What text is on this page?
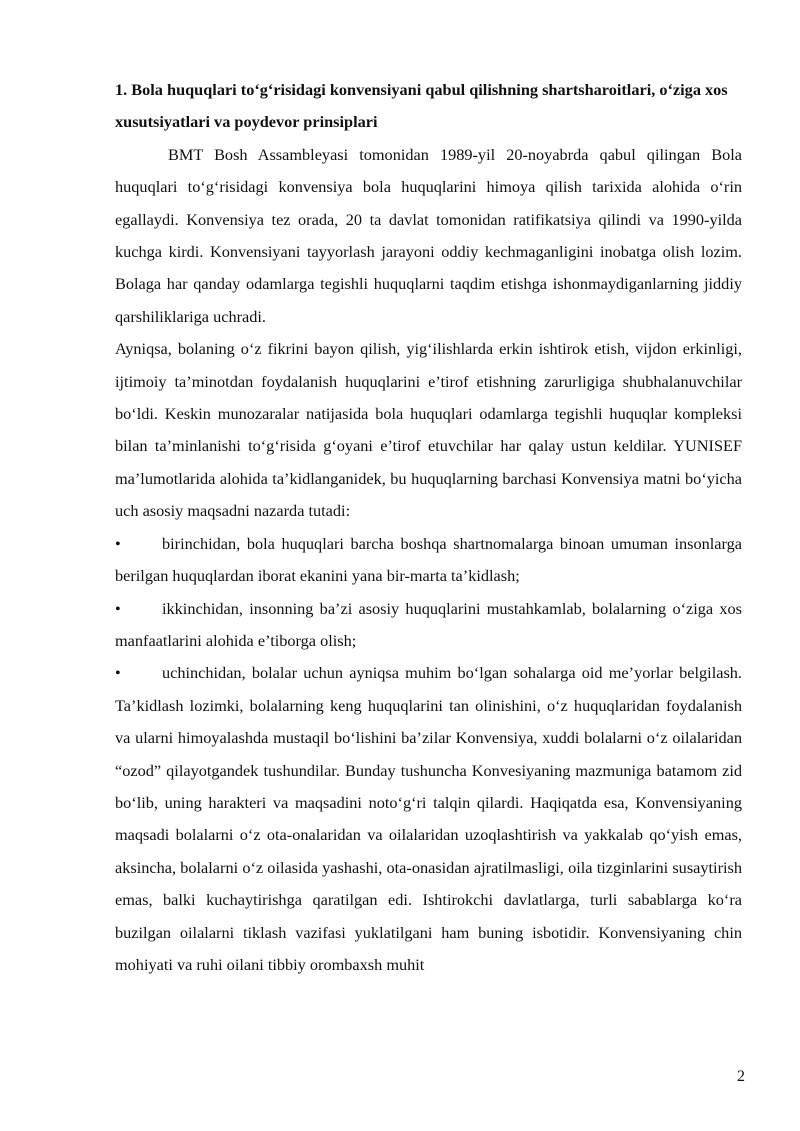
1. Bola huquqlari to‘g‘risidagi konvensiyani qabul qilishning shartsharoitlari, o‘ziga xos xusutsiyatlari va poydevor prinsiplari

BMT Bosh Assambleyasi tomonidan 1989-yil 20-noyabrda qabul qilingan Bola huquqlari to‘g‘risidagi konvensiya bola huquqlarini himoya qilish tarixida alohida o‘rin egallaydi. Konvensiya tez orada, 20 ta davlat tomonidan ratifikatsiya qilindi va 1990-yilda kuchga kirdi. Konvensiyani tayyorlash jarayoni oddiy kechmaganligini inobatga olish lozim. Bolaga har qanday odamlarga tegishli huquqlarni taqdim etishga ishonmaydiganlarning jiddiy qarshiliklariga uchradi.

Ayniqsa, bolaning o‘z fikrini bayon qilish, yig‘ilishlarda erkin ishtirok etish, vijdon erkinligi, ijtimoiy ta’minotdan foydalanish huquqlarini e’tirof etishning zarurligiga shubhalanuvchilar bo‘ldi. Keskin munozaralar natijasida bola huquqlari odamlarga tegishli huquqlar kompleksi bilan ta’minlanishi to‘g‘risida g‘oyani e’tirof etuvchilar har qalay ustun keldilar. YUNISEF ma’lumotlarida alohida ta’kidlanganidek, bu huquqlarning barchasi Konvensiya matni bo‘yicha uch asosiy maqsadni nazarda tutadi:

•	birinchidan, bola huquqlari barcha boshqa shartnomalarga binoan umuman insonlarga berilgan huquqlardan iborat ekanini yana bir-marta ta’kidlash;

•	ikkinchidan, insonning ba’zi asosiy huquqlarini mustahkamlab, bolalarning o‘ziga xos manfaatlarini alohida e’tiborga olish;

•	uchinchidan, bolalar uchun ayniqsa muhim bo‘lgan sohalarga oid me’yorlar belgilash. Ta’kidlash lozimki, bolalarning keng huquqlarini tan olinishini, o‘z huquqlaridan foydalanish va ularni himoyalashda mustaqil bo‘lishini ba’zilar Konvensiya, xuddi bolalarni o‘z oilalaridan “ozod” qilayotgandek tushundilar. Bunday tushuncha Konvesiyaning mazmuniga batamom zid bo‘lib, uning harakteri va maqsadini noto‘g‘ri talqin qilardi. Haqiqatda esa, Konvensiyaning maqsadi bolalarni o‘z ota-onalaridan va oilalaridan uzoqlashtirish va yakkalab qo‘yish emas, aksincha, bolalarni o‘z oilasida yashashi, ota-onasidan ajratilmasligi, oila tizginlarini susaytirish emas, balki kuchaytirishga qaratilgan edi. Ishtirokchi davlatlarga, turli sabablarga ko‘ra buzilgan oilalarni tiklash vazifasi yuklatilgani ham buning isbotidir. Konvensiyaning chin mohiyati va ruhi oilani tibbiy orombaxsh muhit

2
